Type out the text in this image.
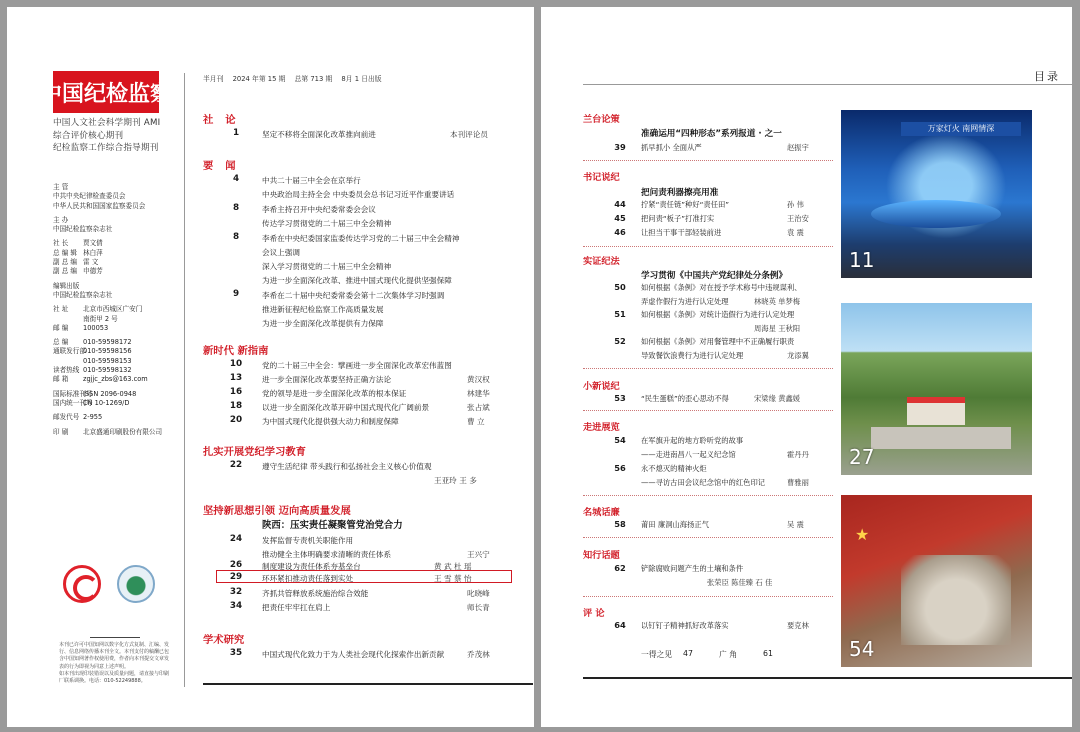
中国纪检监察
中国人文社会科学期刊 AMI
综合评价核心期刊
纪检监察工作综合指导期刊
主 管
中共中央纪律检查委员会
中华人民共和国国家监察委员会
主 办
中国纪检监察杂志社
社 长	贾文倩
总 编 辑 林白萍
副 总 编 雷 文
副 总 编 申德芳
编辑出版
中国纪检监察杂志社
社 址	北京市西城区广安门
南街甲 2 号
邮 编	100053
总 编	010-59598172
通联发行部
010-59598156
010-59598153
读者热线 010-59598132
邮 箱	zgjjc_zbs@163.com
国际标准刊号
ISSN 2096-0948
国内统一刊号
CN 10-1269/D
邮发代号 2-955
印 刷	北京盛通印刷股份有限公司
本刊已许可中国知网以数字化方式复制、汇编、发行、信息网络传播本刊全文。本刊支付的稿酬已包含中国知网著作权使用费，作者向本刊提交文章发表的行为即视为同意上述声明。
如本刊出现印装错误以及质量问题，请直接与印刷厂联系调换。电话：010-52249888。
半月刊 2024 年第 15 期 总第 713 期 8月 1 日出版
社论
1	坚定不移将全面深化改革推向前进	本刊评论员
要闻
4	中共二十届三中全会在京举行
中央政治局主持全会 中央委员会总书记习近平作重要讲话
8	李希主持召开中央纪委常委会会议
传达学习贯彻党的二十届三中全会精神
8	李希在中央纪委国家监委传达学习党的二十届三中全会精神
会议上强调
深入学习贯彻党的二十届三中全会精神
为进一步全面深化改革、推进中国式现代化提供坚强保障
9	李希在二十届中央纪委常委会第十二次集体学习时强调
推进新征程纪检监察工作高质量发展
为进一步全面深化改革提供有力保障
新时代 新指南
10	党的二十届三中全会：擘画进一步全面深化改革宏伟蓝图
13	进一步全面深化改革要坚持正确方法论	黄汉权
16	党的领导是进一步全面深化改革的根本保证	林建华
18	以进一步全面深化改革开辟中国式现代化广阔前景	张占斌
20	为中国式现代化提供强大动力和制度保障	曹 立
扎实开展党纪学习教育
22	遵守生活纪律 带头践行和弘扬社会主义核心价值观
王亚玲 王 多
坚持新思想引领 迈向高质量发展
陕西：压实责任凝聚管党治党合力
24	发挥监督专责机关职能作用
推动健全主体明确要求清晰的责任体系	王兴宁
26	制度建设为责任体系夯基垒台	黄 武 杜 瑶
29	环环紧扣推动责任落到实处	王 雪 蔡 怡
32	齐抓共管释放系统施治综合效能	叱晓峰
34	把责任牢牢扛在肩上	师长青
学术研究
35	中国式现代化致力于为人类社会现代化探索作出新贡献	乔茂林
目录
兰台论策
准确运用“四种形态”系列报道 · 之一
39	抓早抓小 全面从严	赵振宇
书记说纪
把问责利器擦亮用准
44	拧紧“责任链”种好“责任田”	孙 伟
45	把问责“板子”打准打实	王治安
46	让担当干事干部轻装前进	袁 震
实证纪法
学习贯彻《中国共产党纪律处分条例》
50	如何根据《条例》对在授予学术称号中违规谋利、
弄虚作假行为进行认定处理	林晓英 单梦梅
51	如何根据《条例》对统计造假行为进行认定处理
周海星 王秋阳
52	如何根据《条例》对用餐管理中不正确履行职责
导致餐饮浪费行为进行认定处理	龙添翼
小新说纪
53	“民生蛋糕”的歪心思动不得	宋梁缘 黄鑫媛
走进展览
54	在军旗升起的地方聆听党的故事
——走进南昌八一起义纪念馆	霍丹丹
56	永不熄灭的精神火炬
——寻访古田会议纪念馆中的红色印记	曹雅丽
名城话廉
58	莆田 廉洞山海扬正气	吴 震
知行话题
62	铲除腐败问题产生的土壤和条件
张荣臣 陈佳臻 石 佳
评 论
64	以钉钉子精神抓好改革落实	要克林
一得之见 47	广 角	61
万家灯火 南网情深
11
27
★
54
